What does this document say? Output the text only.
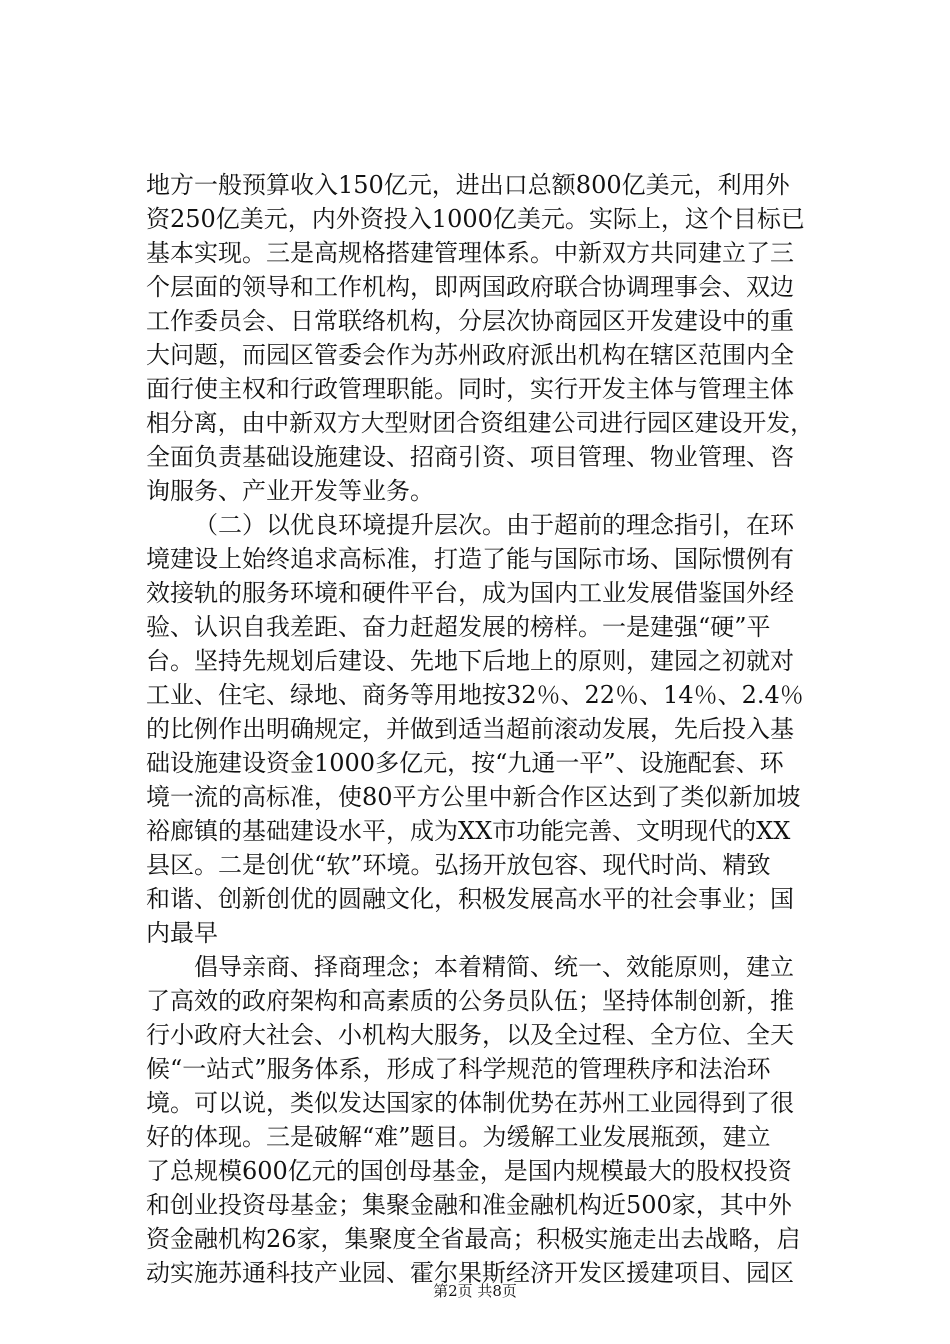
地方一般预算收入150亿元，进出口总额800亿美元，利用外
资250亿美元，内外资投入1000亿美元。实际上，这个目标已
基本实现。三是高规格搭建管理体系。中新双方共同建立了三
个层面的领导和工作机构，即两国政府联合协调理事会、双边
工作委员会、日常联络机构，分层次协商园区开发建设中的重
大问题，而园区管委会作为苏州政府派出机构在辖区范围内全
面行使主权和行政管理职能。同时，实行开发主体与管理主体
相分离，由中新双方大型财团合资组建公司进行园区建设开发，
全面负责基础设施建设、招商引资、项目管理、物业管理、咨
询服务、产业开发等业务。
（二）以优良环境提升层次。由于超前的理念指引，在环
境建设上始终追求高标准，打造了能与国际市场、国际惯例有
效接轨的服务环境和硬件平台，成为国内工业发展借鉴国外经
验、认识自我差距、奋力赶超发展的榜样。一是建强“硬”平
台。坚持先规划后建设、先地下后地上的原则，建园之初就对
工业、住宅、绿地、商务等用地按32％、22％、14％、2.4％
的比例作出明确规定，并做到适当超前滚动发展，先后投入基
础设施建设资金1000多亿元，按“九通一平”、设施配套、环
境一流的高标准，使80平方公里中新合作区达到了类似新加坡
裕廊镇的基础建设水平，成为XX市功能完善、文明现代的XX
县区。二是创优“软”环境。弘扬开放包容、现代时尚、精致
和谐、创新创优的圆融文化，积极发展高水平的社会事业；国
内最早
倡导亲商、择商理念；本着精简、统一、效能原则，建立
了高效的政府架构和高素质的公务员队伍；坚持体制创新，推
行小政府大社会、小机构大服务，以及全过程、全方位、全天
候“一站式”服务体系，形成了科学规范的管理秩序和法治环
境。可以说，类似发达国家的体制优势在苏州工业园得到了很
好的体现。三是破解“难”题目。为缓解工业发展瓶颈，建立
了总规模600亿元的国创母基金，是国内规模最大的股权投资
和创业投资母基金；集聚金融和准金融机构近500家，其中外
资金融机构26家，集聚度全省最高；积极实施走出去战略，启
动实施苏通科技产业园、霍尔果斯经济开发区援建项目、园区
第2页 共8页
